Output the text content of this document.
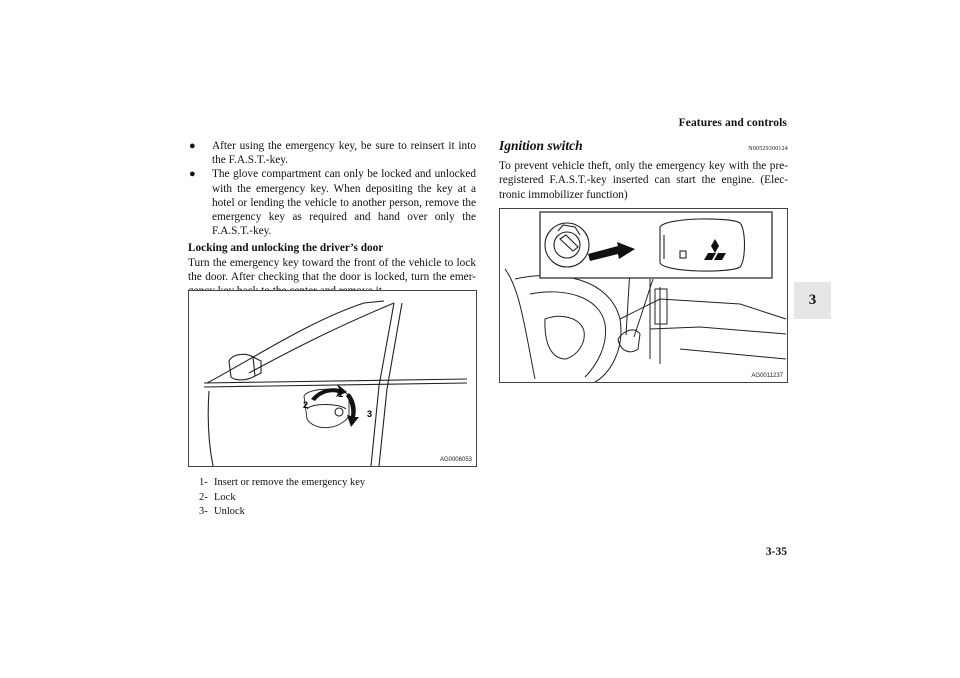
Features and controls
3
●	After using the emergency key, be sure to reinsert it into the F.A.S.T.-key.
●	The glove compartment can only be locked and unlocked with the emergency key. When depositing the key at a hotel or lending the vehicle to another person, remove the emergency key as required and hand over only the F.A.S.T.-key.
Locking and unlocking the driver’s door
Turn the emergency key toward the front of the vehicle to lock the door. After checking that the door is locked, turn the emer-
1
2
3
AG0006053
1- Insert or remove the emergency key
2- Lock
3- Unlock
Ignition switch	N00529300124
To prevent vehicle theft, only the emergency key with the pre-registered F.A.S.T.-key inserted can start the engine. (Elec-tronic immobilizer function)
AG0011237
3-35
